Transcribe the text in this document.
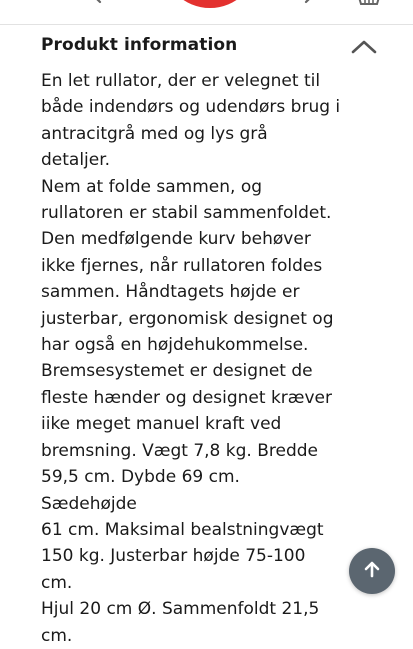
Produkt information

En let rullator, der er velegnet til
både indendørs og udendørs brug i
antracitgrå med og lys grå detaljer.
Nem at folde sammen, og
rullatoren er stabil sammenfoldet.
Den medfølgende kurv behøver
ikke fjernes, når rullatoren foldes
sammen. Håndtagets højde er
justerbar, ergonomisk designet og
har også en højdehukommelse.
Bremsesystemet er designet de
fleste hænder og designet kræver
iike meget manuel kraft ved
bremsning. Vægt 7,8 kg. Bredde
59,5 cm. Dybde 69 cm. Sædehøjde
61 cm. Maksimal bealstningvægt
150 kg. Justerbar højde 75-100 cm.
Hjul 20 cm Ø. Sammenfoldt 21,5
cm.
